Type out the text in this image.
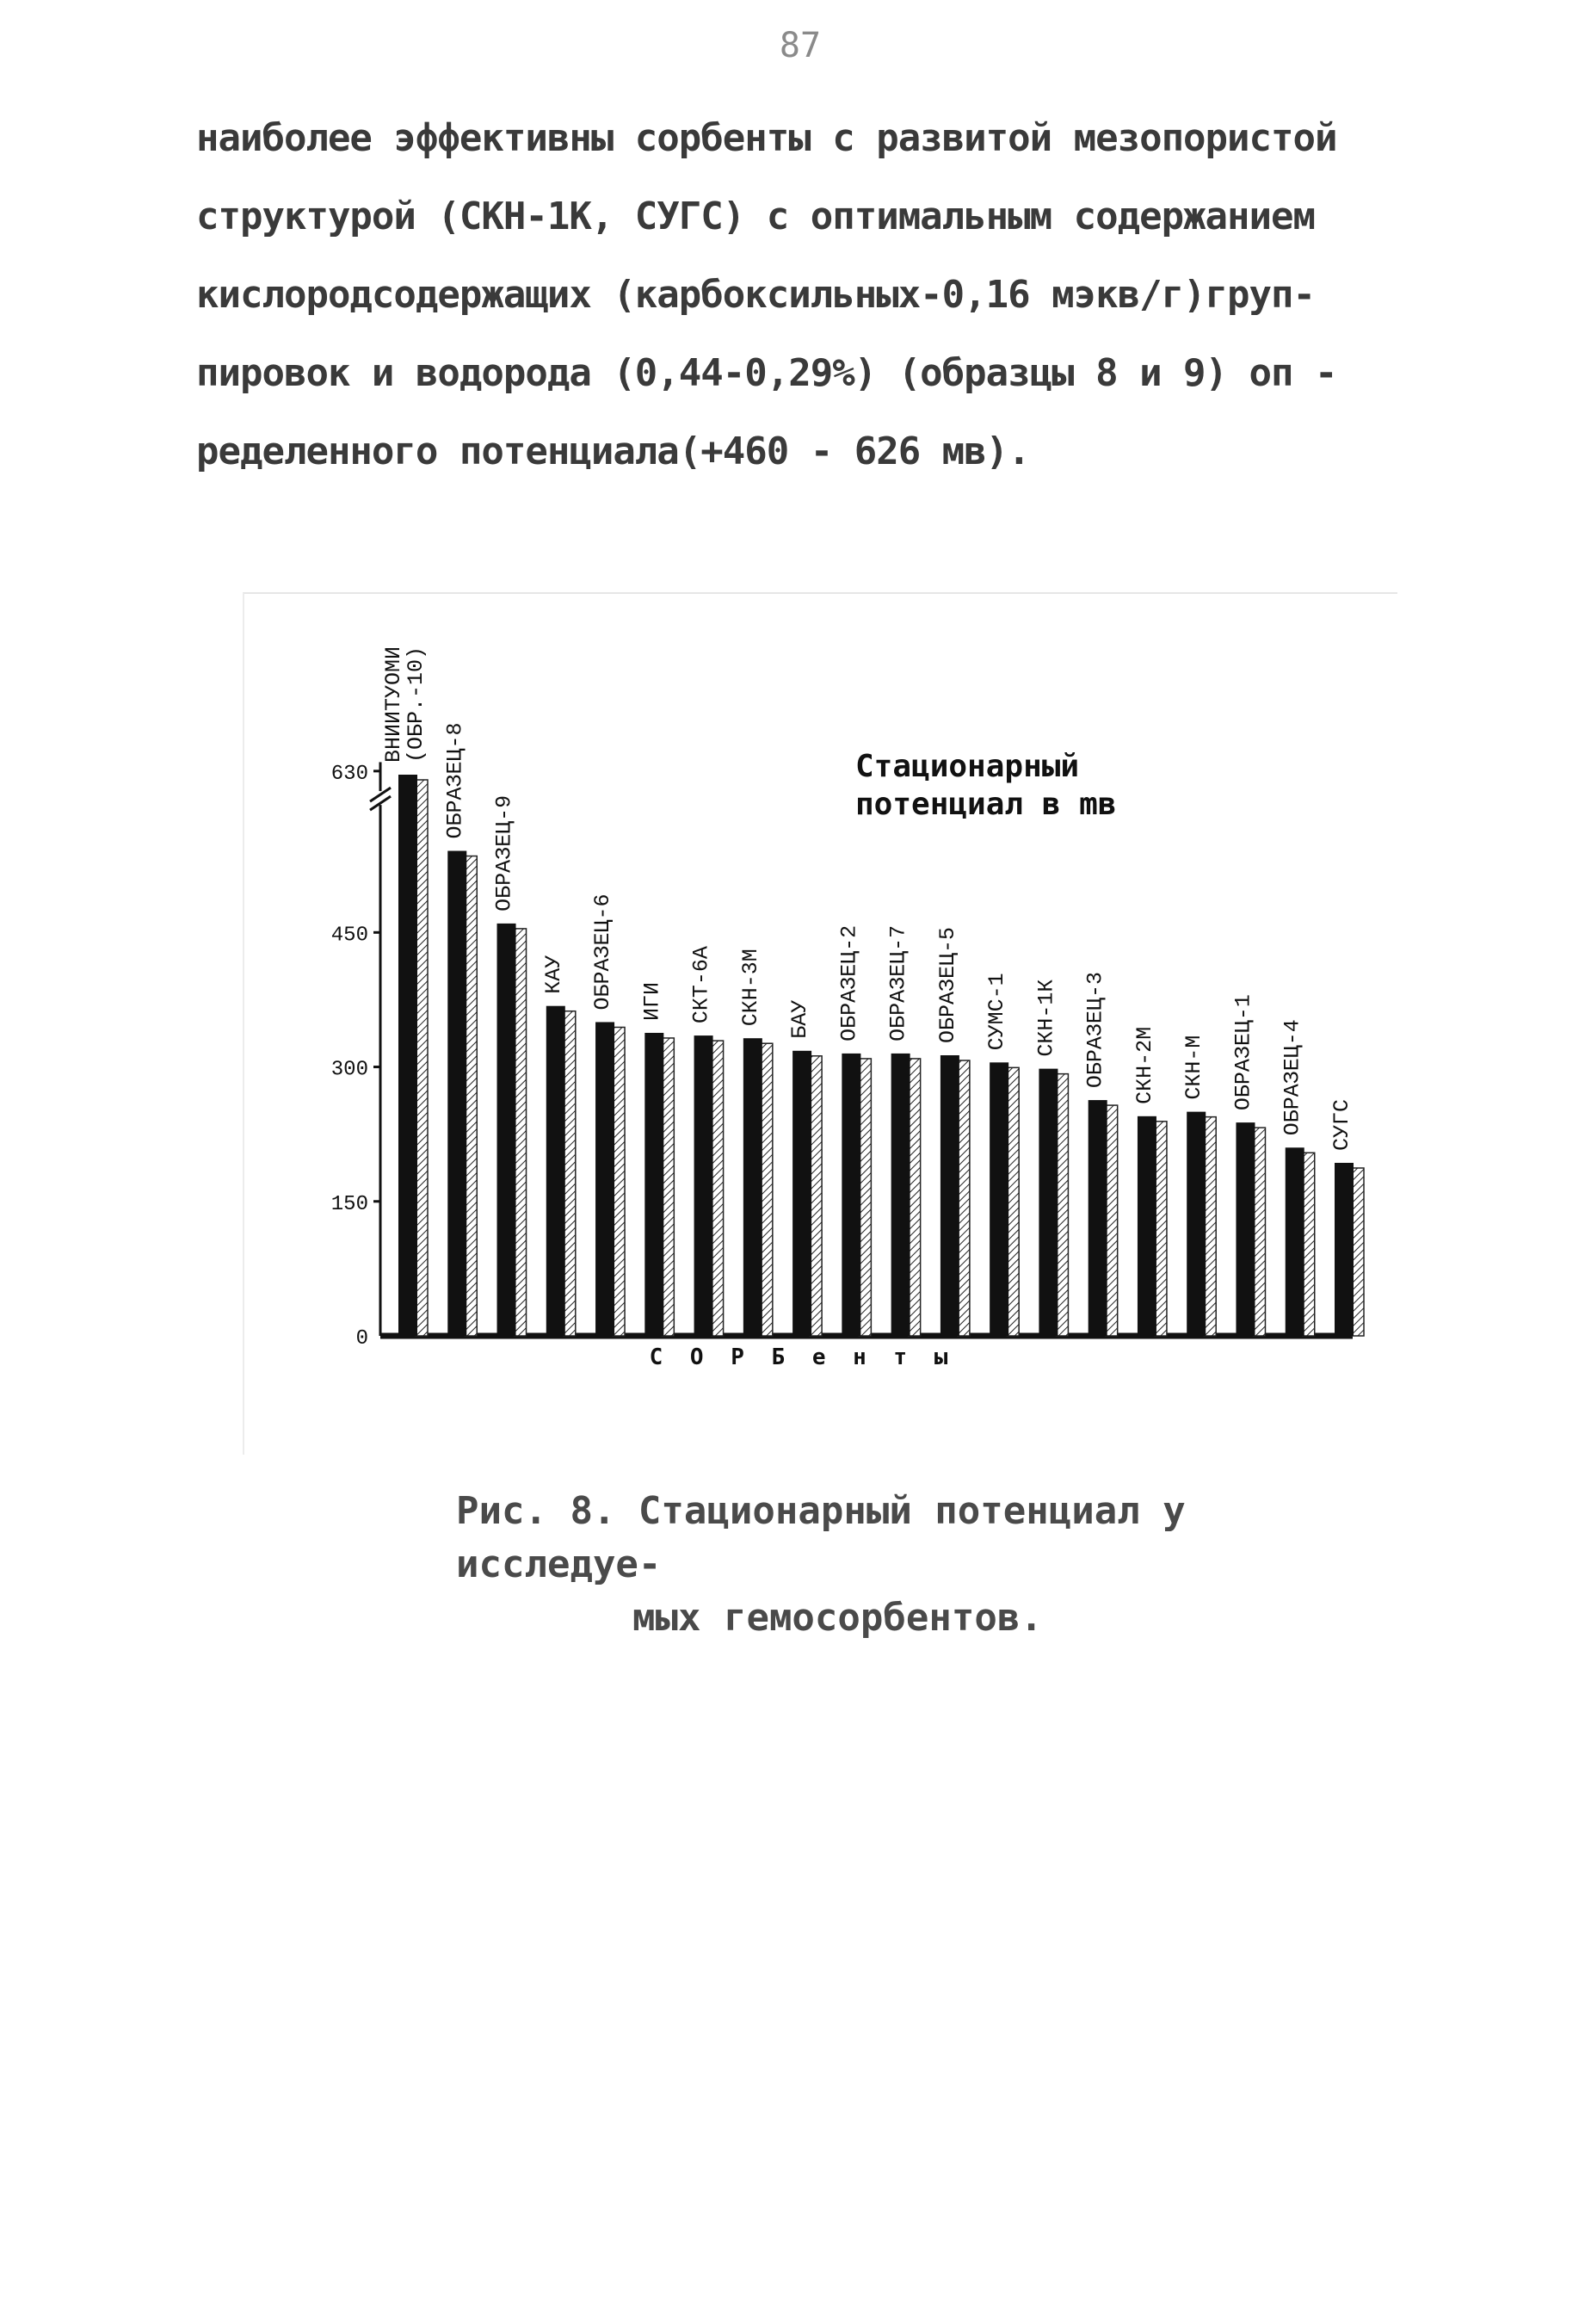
87
наиболее эффективны сорбенты с развитой мезопористой
структурой (СКН-1К, СУГС) с оптимальным содержанием
кислородсодержащих (карбоксильных-0,16 мэкв/г)груп-
пировок и водорода (0,44-0,29%) (образцы 8 и 9) оп -
ределенного потенциала(+460 - 626 мв).
Стационарный
потенциал в mв
0
150
300
450
630
ВНИИТУОМИ
(ОБР.-10)
ОБРАЗЕЦ-8
ОБРАЗЕЦ-9
КАУ ОБРАЗЕЦ-6 ИГИ СКТ-6А СКН-3М БАУ ОБРАЗЕЦ-2 ОБРАЗЕЦ-7 ОБРАЗЕЦ-5 СУМС-1 СКН-1К ОБРАЗЕЦ-3 СКН-2М СКН-М ОБРАЗЕЦ-1 ОБРАЗЕЦ-4 СУГС
С О Р Б е н т ы
Рис. 8. Стационарный потенциал у исследуе-
мых гемосорбентов.
